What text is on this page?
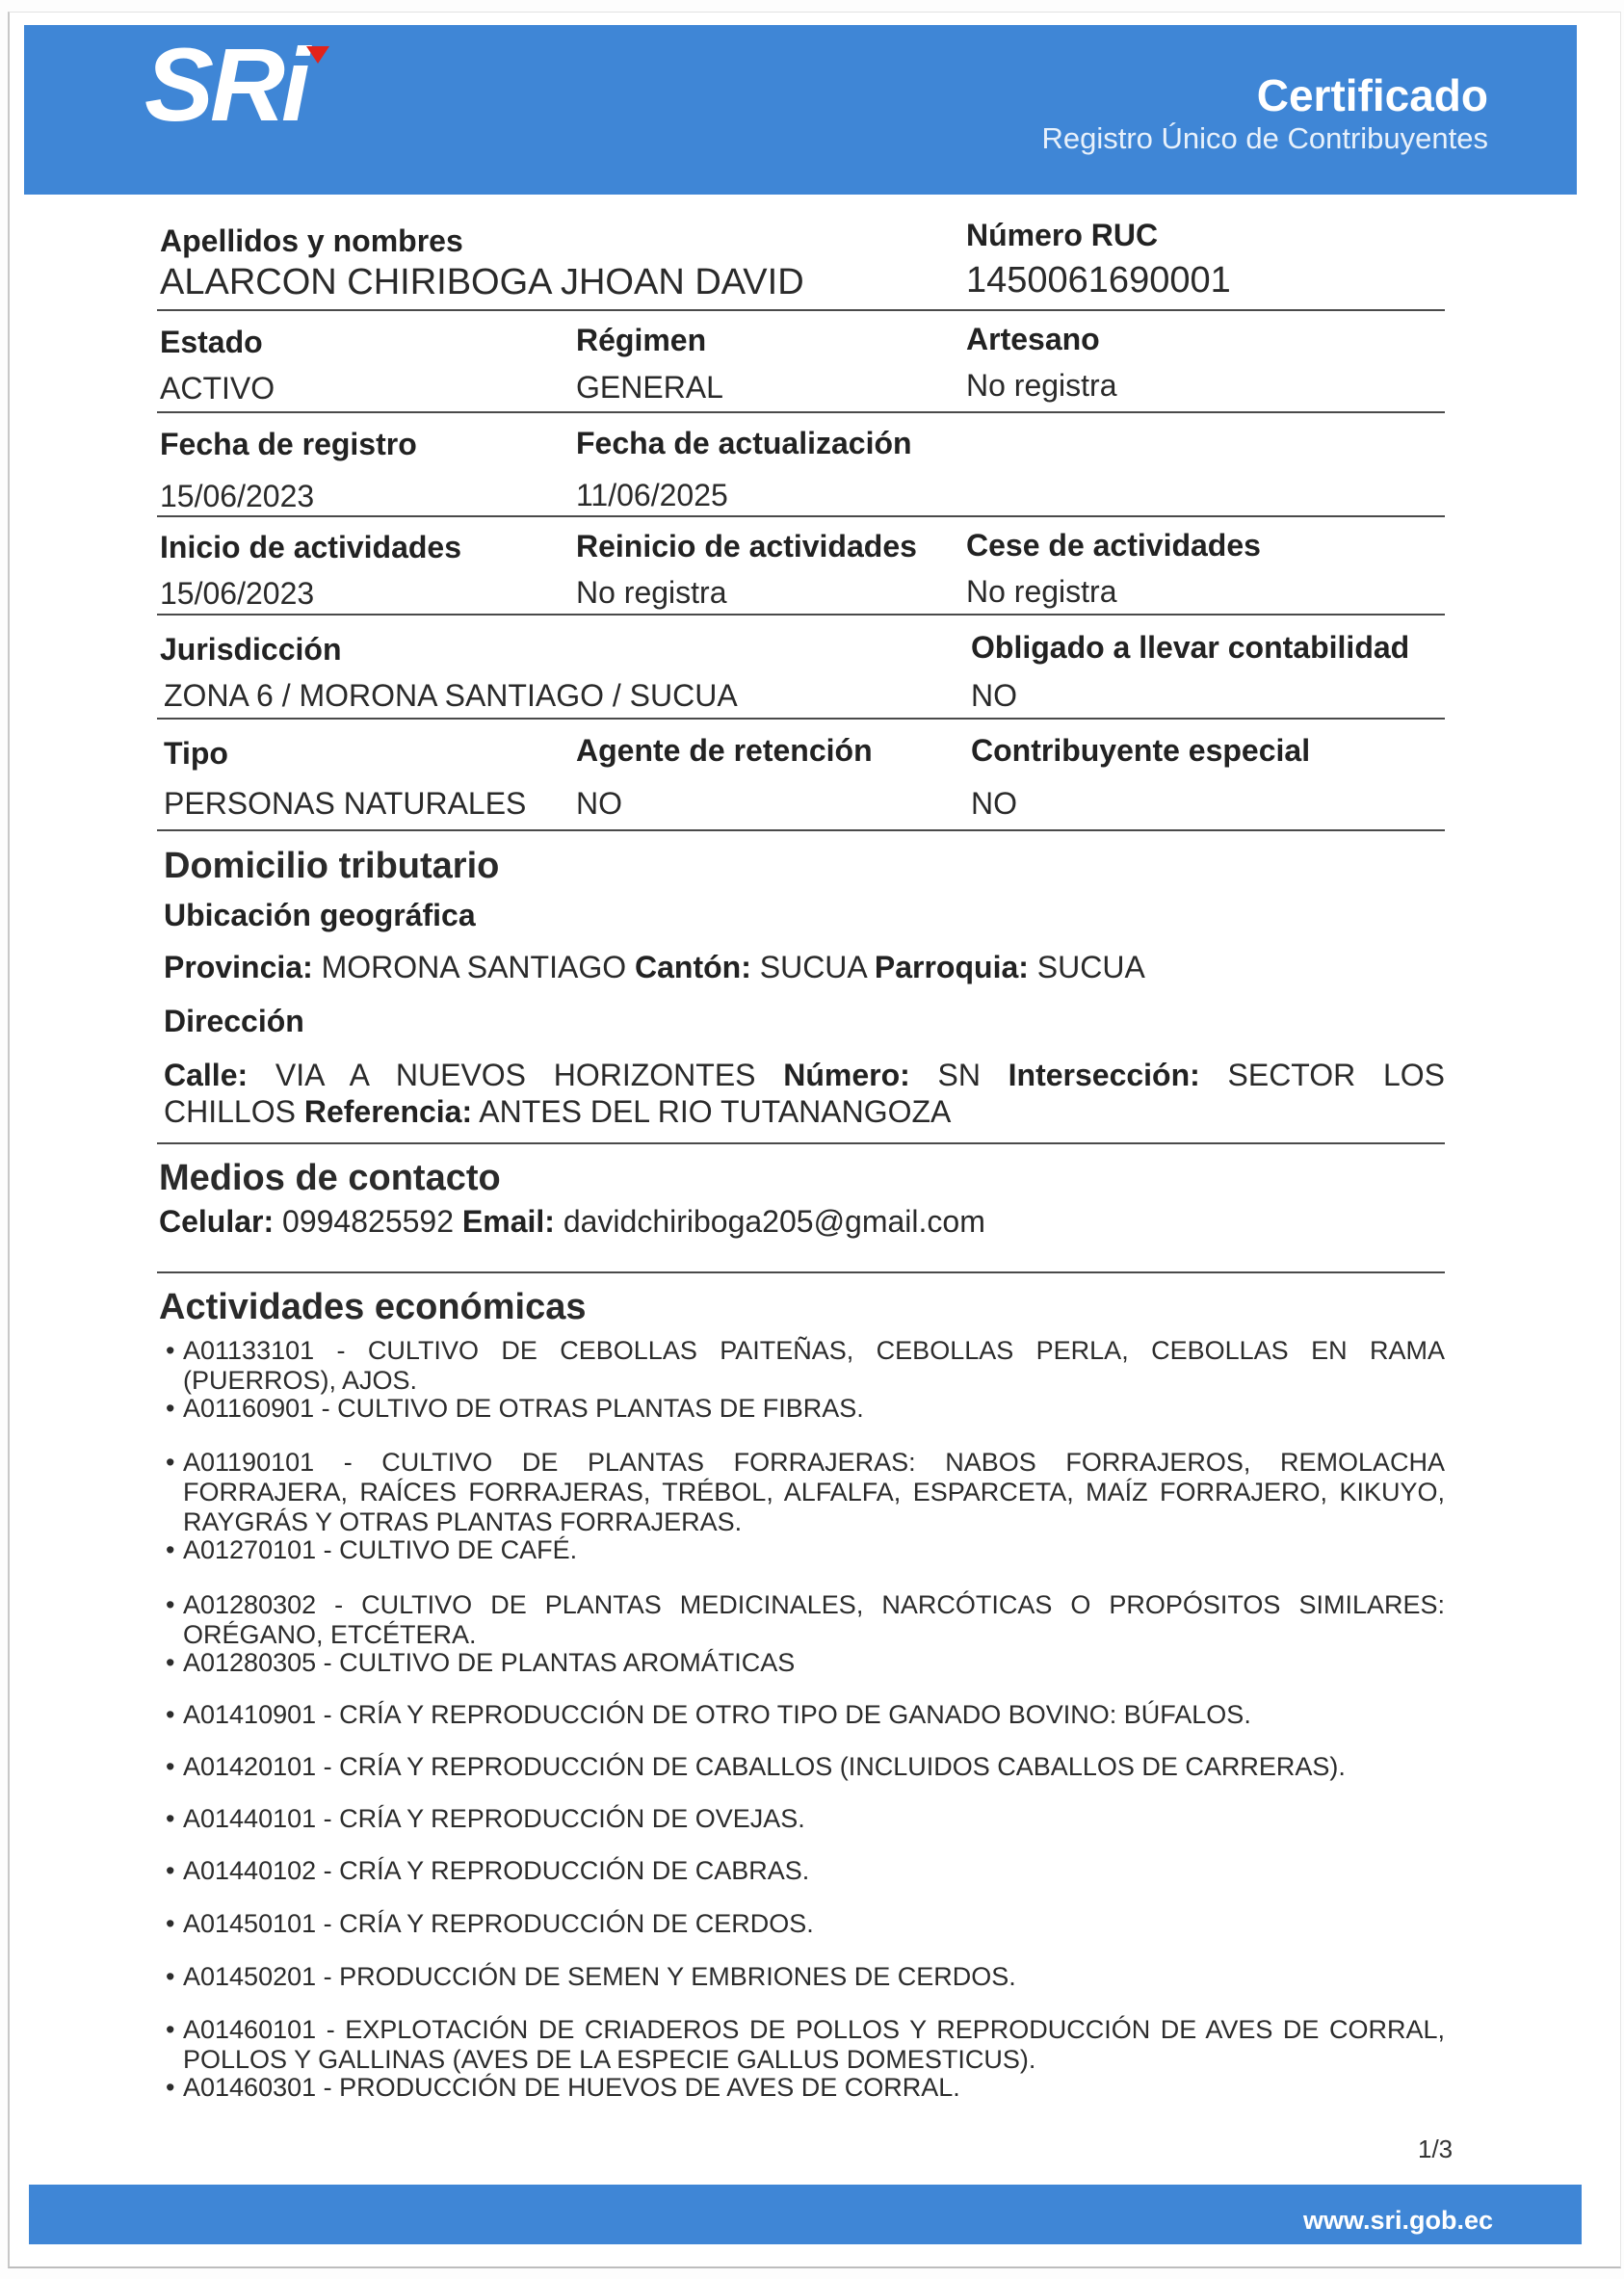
SRi	Certificado
Registro Único de Contribuyentes
Apellidos y nombres
ALARCON CHIRIBOGA JHOAN DAVID
Número RUC
1450061690001
Estado
ACTIVO
Régimen
GENERAL
Artesano
No registra
Fecha de registro
15/06/2023
Fecha de actualización
11/06/2025
Inicio de actividades
15/06/2023
Reinicio de actividades
No registra
Cese de actividades
No registra
Jurisdicción
ZONA 6 / MORONA SANTIAGO / SUCUA
Obligado a llevar contabilidad
NO
Tipo
PERSONAS NATURALES
Agente de retención
NO
Contribuyente especial
NO
Domicilio tributario
Ubicación geográfica
Provincia: MORONA SANTIAGO Cantón: SUCUA Parroquia: SUCUA
Dirección
Calle: VIA A NUEVOS HORIZONTES Número: SN Intersección: SECTOR LOS
CHILLOS Referencia: ANTES DEL RIO TUTANANGOZA
Medios de contacto
Celular: 0994825592 Email: davidchiriboga205@gmail.com
Actividades económicas
• A01133101 - CULTIVO DE CEBOLLAS PAITEÑAS, CEBOLLAS PERLA, CEBOLLAS EN RAMA
(PUERROS), AJOS.
• A01160901 - CULTIVO DE OTRAS PLANTAS DE FIBRAS.
• A01190101 - CULTIVO DE PLANTAS FORRAJERAS: NABOS FORRAJEROS, REMOLACHA
FORRAJERA, RAÍCES FORRAJERAS, TRÉBOL, ALFALFA, ESPARCETA, MAÍZ FORRAJERO, KIKUYO,
RAYGRÁS Y OTRAS PLANTAS FORRAJERAS.
• A01270101 - CULTIVO DE CAFÉ.
• A01280302 - CULTIVO DE PLANTAS MEDICINALES, NARCÓTICAS O PROPÓSITOS SIMILARES:
ORÉGANO, ETCÉTERA.
• A01280305 - CULTIVO DE PLANTAS AROMÁTICAS
• A01410901 - CRÍA Y REPRODUCCIÓN DE OTRO TIPO DE GANADO BOVINO: BÚFALOS.
• A01420101 - CRÍA Y REPRODUCCIÓN DE CABALLOS (INCLUIDOS CABALLOS DE CARRERAS).
• A01440101 - CRÍA Y REPRODUCCIÓN DE OVEJAS.
• A01440102 - CRÍA Y REPRODUCCIÓN DE CABRAS.
• A01450101 - CRÍA Y REPRODUCCIÓN DE CERDOS.
• A01450201 - PRODUCCIÓN DE SEMEN Y EMBRIONES DE CERDOS.
• A01460101 - EXPLOTACIÓN DE CRIADEROS DE POLLOS Y REPRODUCCIÓN DE AVES DE CORRAL,
POLLOS Y GALLINAS (AVES DE LA ESPECIE GALLUS DOMESTICUS).
• A01460301 - PRODUCCIÓN DE HUEVOS DE AVES DE CORRAL.
1/3
www.sri.gob.ec
